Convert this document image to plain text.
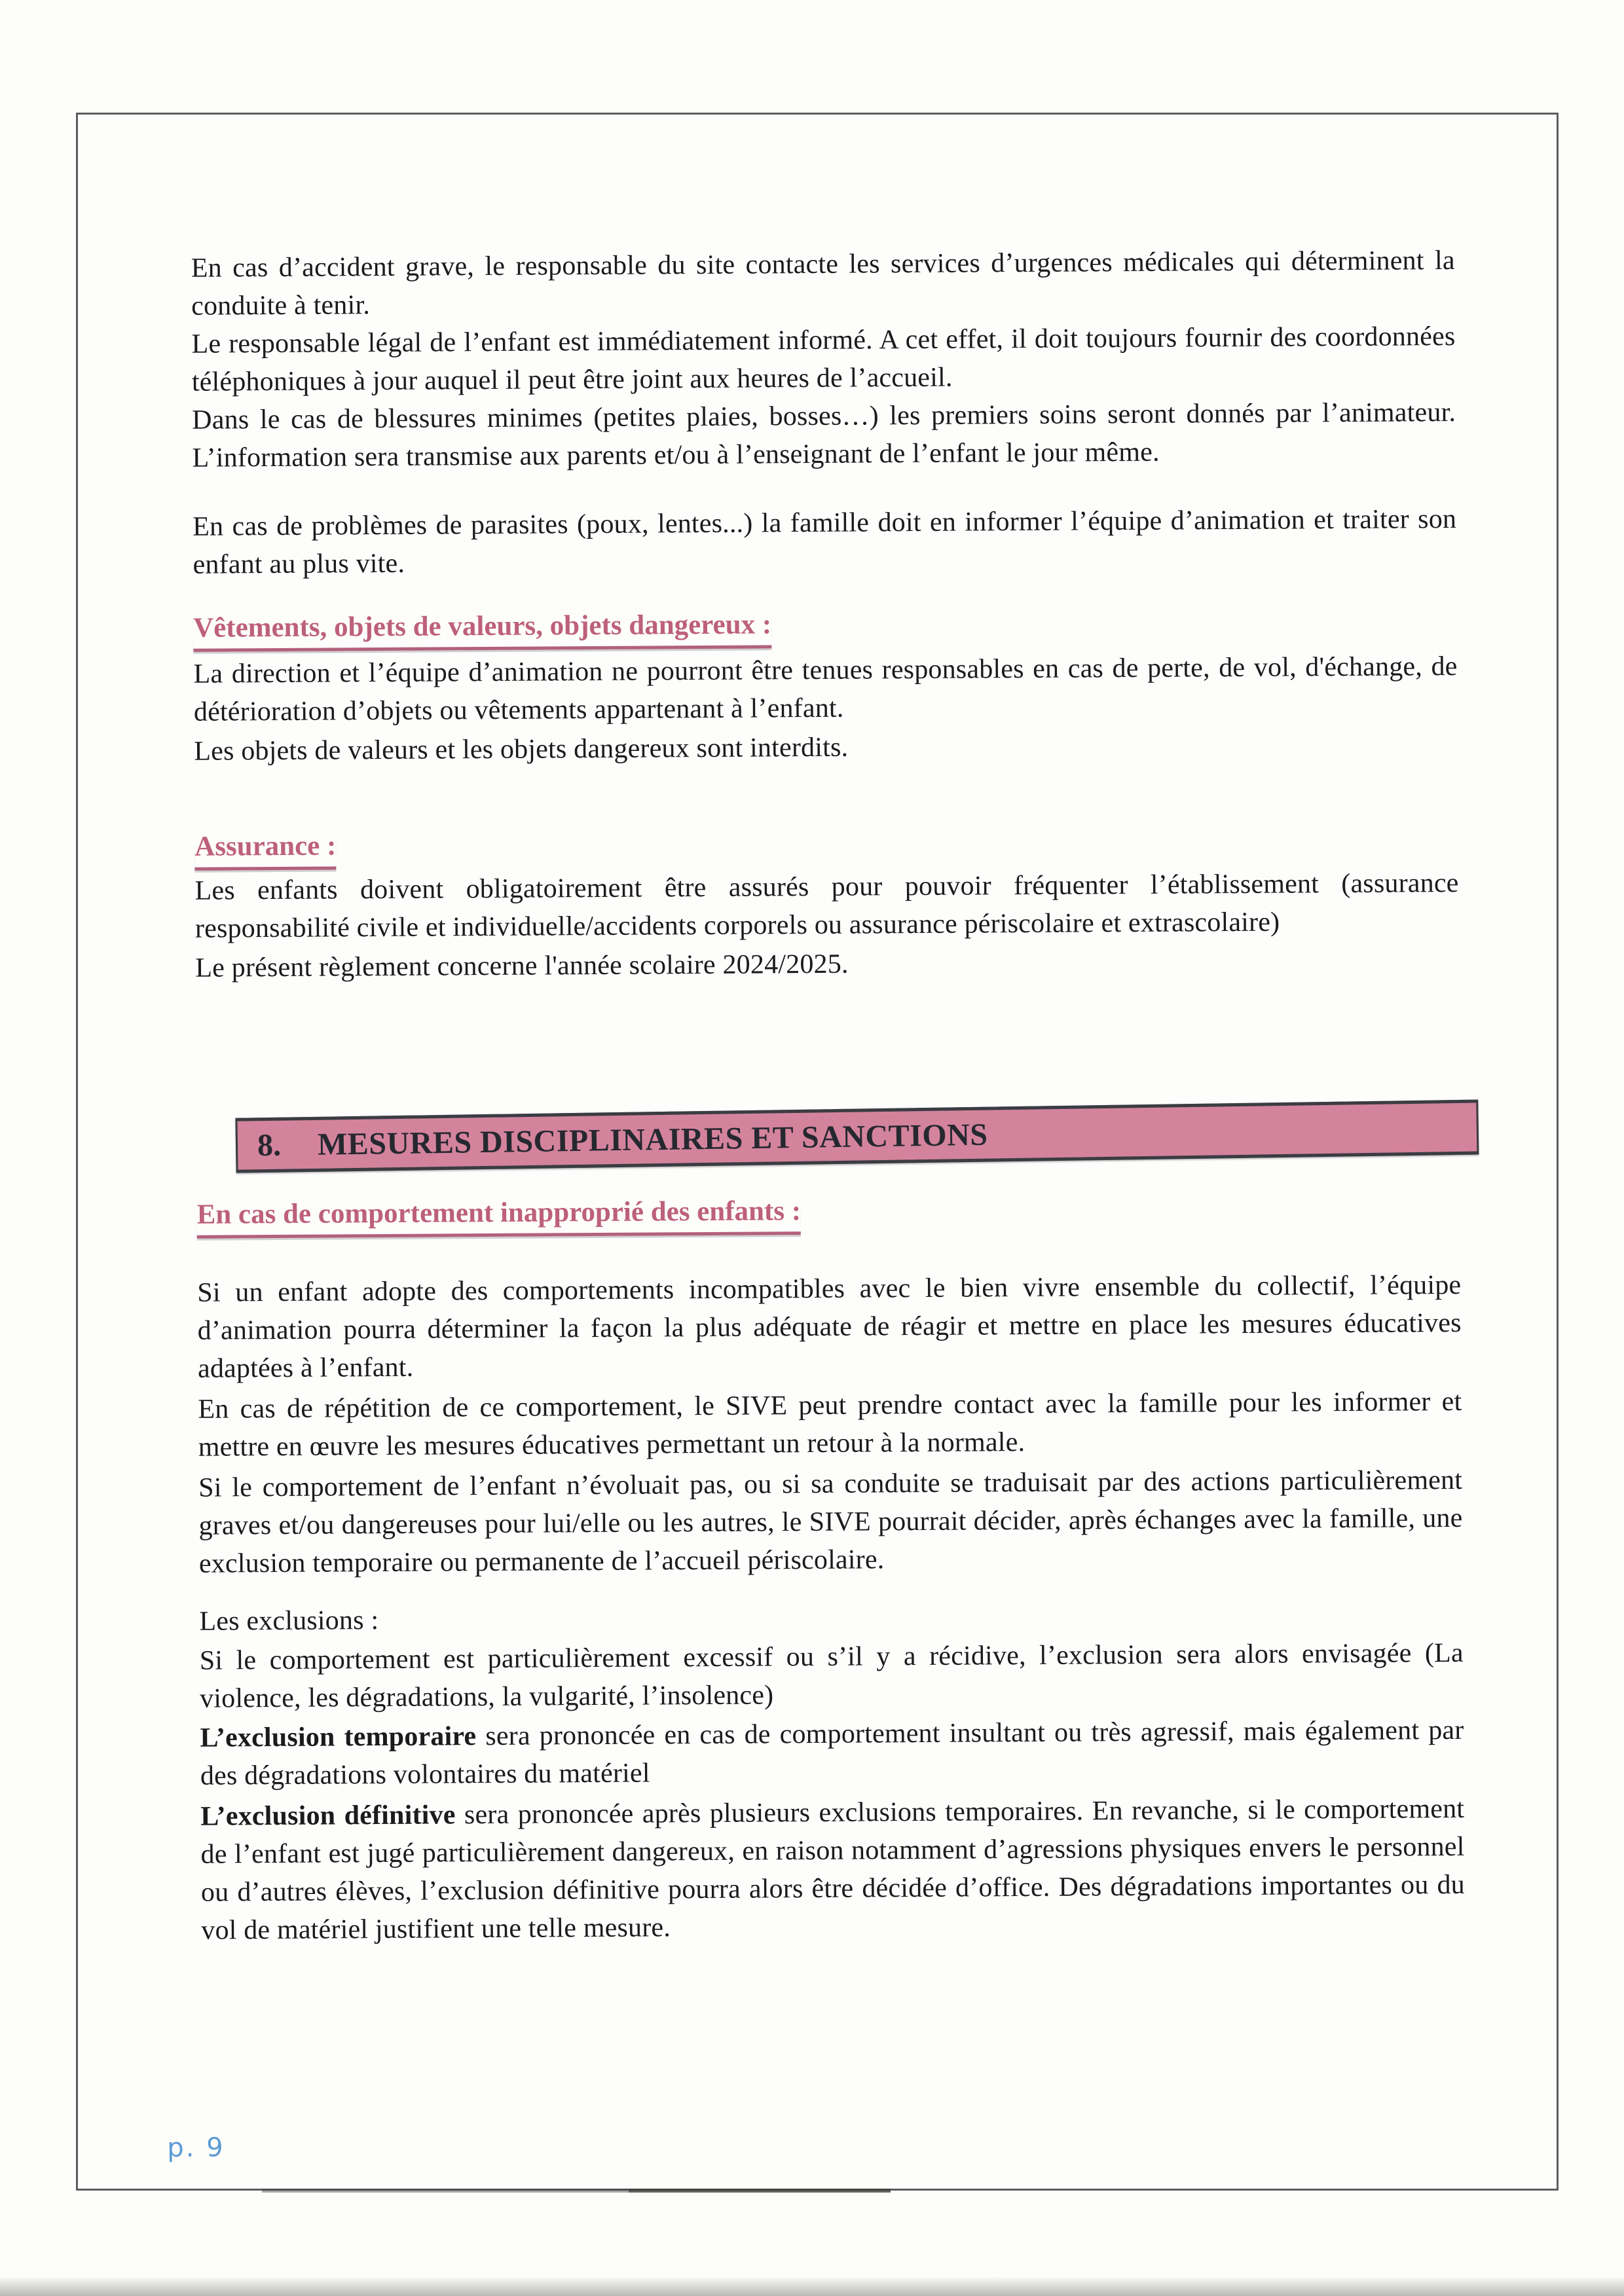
En cas d’accident grave, le responsable du site contacte les services d’urgences médicales qui déterminent la conduite à tenir.

Le responsable légal de l’enfant est immédiatement informé. A cet effet, il doit toujours fournir des coordonnées téléphoniques à jour auquel il peut être joint aux heures de l’accueil.

Dans le cas de blessures minimes (petites plaies, bosses…) les premiers soins seront donnés par l’animateur. L’information sera transmise aux parents et/ou à l’enseignant de l’enfant le jour même.

En cas de problèmes de parasites (poux, lentes...) la famille doit en informer l’équipe d’animation et traiter son enfant au plus vite.

Vêtements, objets de valeurs, objets dangereux :

La direction et l’équipe d’animation ne pourront être tenues responsables en cas de perte, de vol, d'échange, de détérioration d’objets ou vêtements appartenant à l’enfant.

Les objets de valeurs et les objets dangereux sont interdits.

Assurance :

Les enfants doivent obligatoirement être assurés pour pouvoir fréquenter l’établissement (assurance responsabilité civile et individuelle/accidents corporels ou assurance périscolaire et extrascolaire)

Le présent règlement concerne l'année scolaire 2024/2025.

8. MESURES DISCIPLINAIRES ET SANCTIONS
En cas de comportement inapproprié des enfants :

Si un enfant adopte des comportements incompatibles avec le bien vivre ensemble du collectif, l’équipe d’animation pourra déterminer la façon la plus adéquate de réagir et mettre en place les mesures éducatives adaptées à l’enfant.

En cas de répétition de ce comportement, le SIVE peut prendre contact avec la famille pour les informer et mettre en œuvre les mesures éducatives permettant un retour à la normale.

Si le comportement de l’enfant n’évoluait pas, ou si sa conduite se traduisait par des actions particulièrement graves et/ou dangereuses pour lui/elle ou les autres, le SIVE pourrait décider, après échanges avec la famille, une exclusion temporaire ou permanente de l’accueil périscolaire.

Les exclusions :

Si le comportement est particulièrement excessif ou s’il y a récidive, l’exclusion sera alors envisagée (La violence, les dégradations, la vulgarité, l’insolence)

L’exclusion temporaire sera prononcée en cas de comportement insultant ou très agressif, mais également par des dégradations volontaires du matériel

L’exclusion définitive sera prononcée après plusieurs exclusions temporaires. En revanche, si le comportement de l’enfant est jugé particulièrement dangereux, en raison notamment d’agressions physiques envers le personnel ou d’autres élèves, l’exclusion définitive pourra alors être décidée d’office. Des dégradations importantes ou du vol de matériel justifient une telle mesure.

p. 9
